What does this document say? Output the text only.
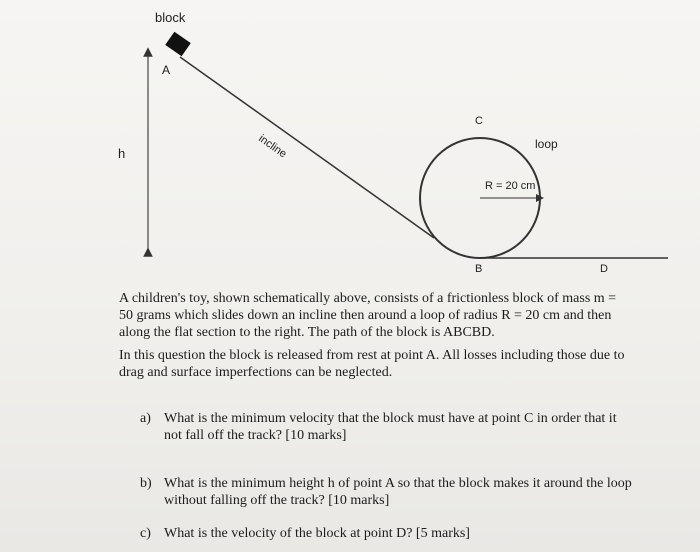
block
A
h	incline
C
loop
R = 20 cm
B	D
A children's toy, shown schematically above, consists of a frictionless block of mass m =
50 grams which slides down an incline then around a loop of radius R = 20 cm and then
along the flat section to the right. The path of the block is ABCBD.
In this question the block is released from rest at point A. All losses including those due to
drag and surface imperfections can be neglected.
a) What is the minimum velocity that the block must have at point C in order that it
not fall off the track? [10 marks]
b) What is the minimum height h of point A so that the block makes it around the loop
without falling off the track? [10 marks]
c) What is the velocity of the block at point D? [5 marks]
